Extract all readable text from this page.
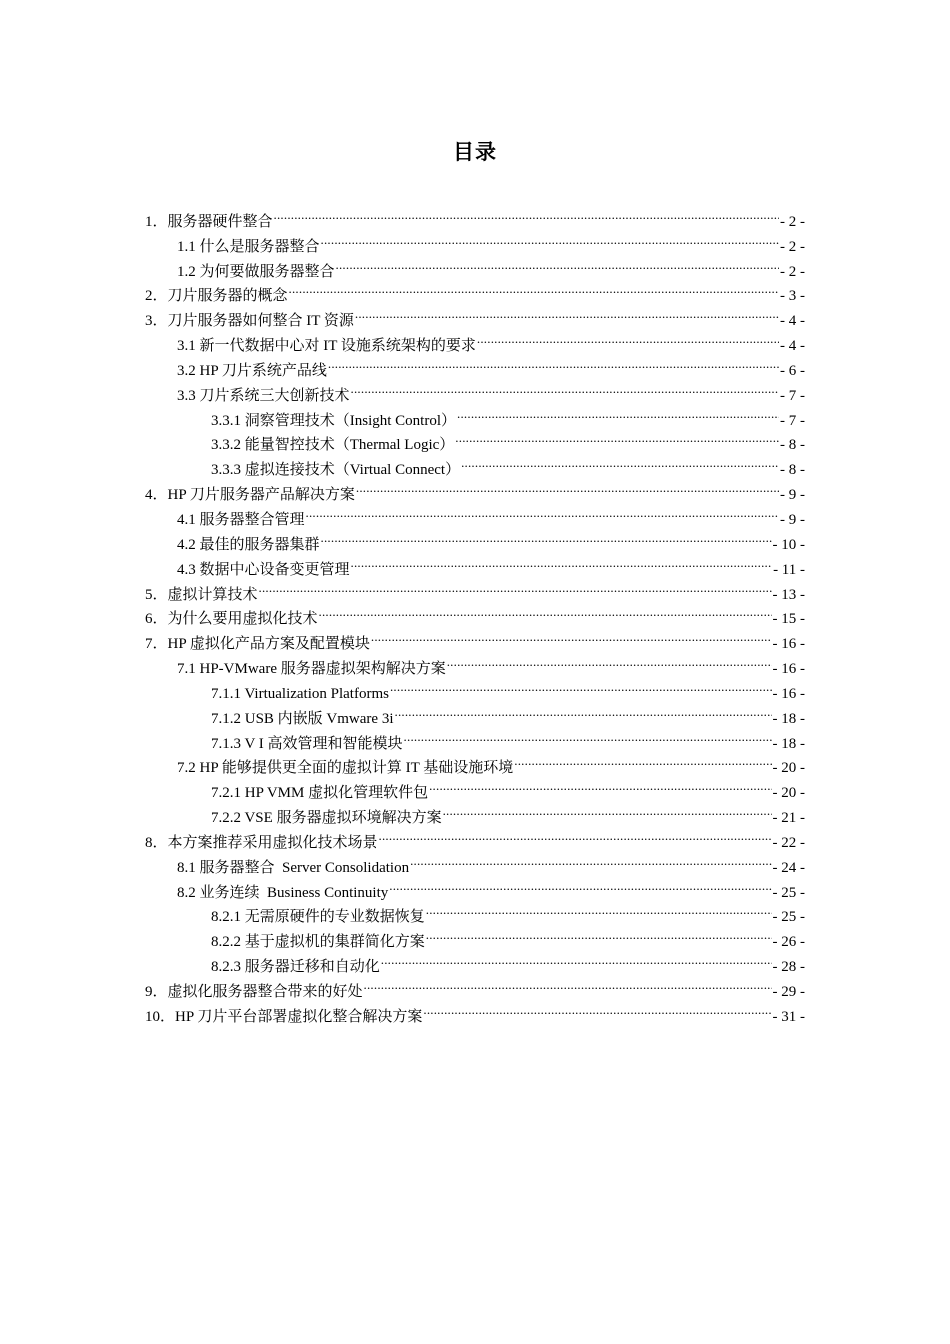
目录
1．服务器硬件整合 .....	- 2 -
1.1 什么是服务器整合 .....	- 2 -
1.2 为何要做服务器整合 .....	- 2 -
2．刀片服务器的概念 .....	- 3 -
3．刀片服务器如何整合 IT 资源 .....	- 4 -
3.1 新一代数据中心对 IT 设施系统架构的要求 .....	- 4 -
3.2 HP 刀片系统产品线 .....	- 6 -
3.3 刀片系统三大创新技术 .....	- 7 -
3.3.1 洞察管理技术（Insight Control） .....	- 7 -
3.3.2 能量智控技术（Thermal Logic） .....	- 8 -
3.3.3 虚拟连接技术（Virtual Connect） .....	- 8 -
4．HP 刀片服务器产品解决方案 .....	- 9 -
4.1 服务器整合管理 .....	- 9 -
4.2 最佳的服务器集群 .....	- 10 -
4.3 数据中心设备变更管理 .....	- 11 -
5．虚拟计算技术 .....	- 13 -
6．为什么要用虚拟化技术 .....	- 15 -
7．HP 虚拟化产品方案及配置模块 .....	- 16 -
7.1 HP-VMware 服务器虚拟架构解决方案 .....	- 16 -
7.1.1 Virtualization Platforms .....	- 16 -
7.1.2 USB 内嵌版 Vmware 3i .....	- 18 -
7.1.3 V I 高效管理和智能模块 .....	- 18 -
7.2 HP 能够提供更全面的虚拟计算 IT 基础设施环境 .....	- 20 -
7.2.1 HP VMM 虚拟化管理软件包 .....	- 20 -
7.2.2 VSE 服务器虚拟环境解决方案 .....	- 21 -
8．本方案推荐采用虚拟化技术场景 .....	- 22 -
8.1 服务器整合  Server Consolidation .....	- 24 -
8.2 业务连续  Business Continuity .....	- 25 -
8.2.1 无需原硬件的专业数据恢复 .....	- 25 -
8.2.2 基于虚拟机的集群简化方案 .....	- 26 -
8.2.3 服务器迁移和自动化 .....	- 28 -
9．虚拟化服务器整合带来的好处 .....	- 29 -
10．HP 刀片平台部署虚拟化整合解决方案 .....	- 31 -
